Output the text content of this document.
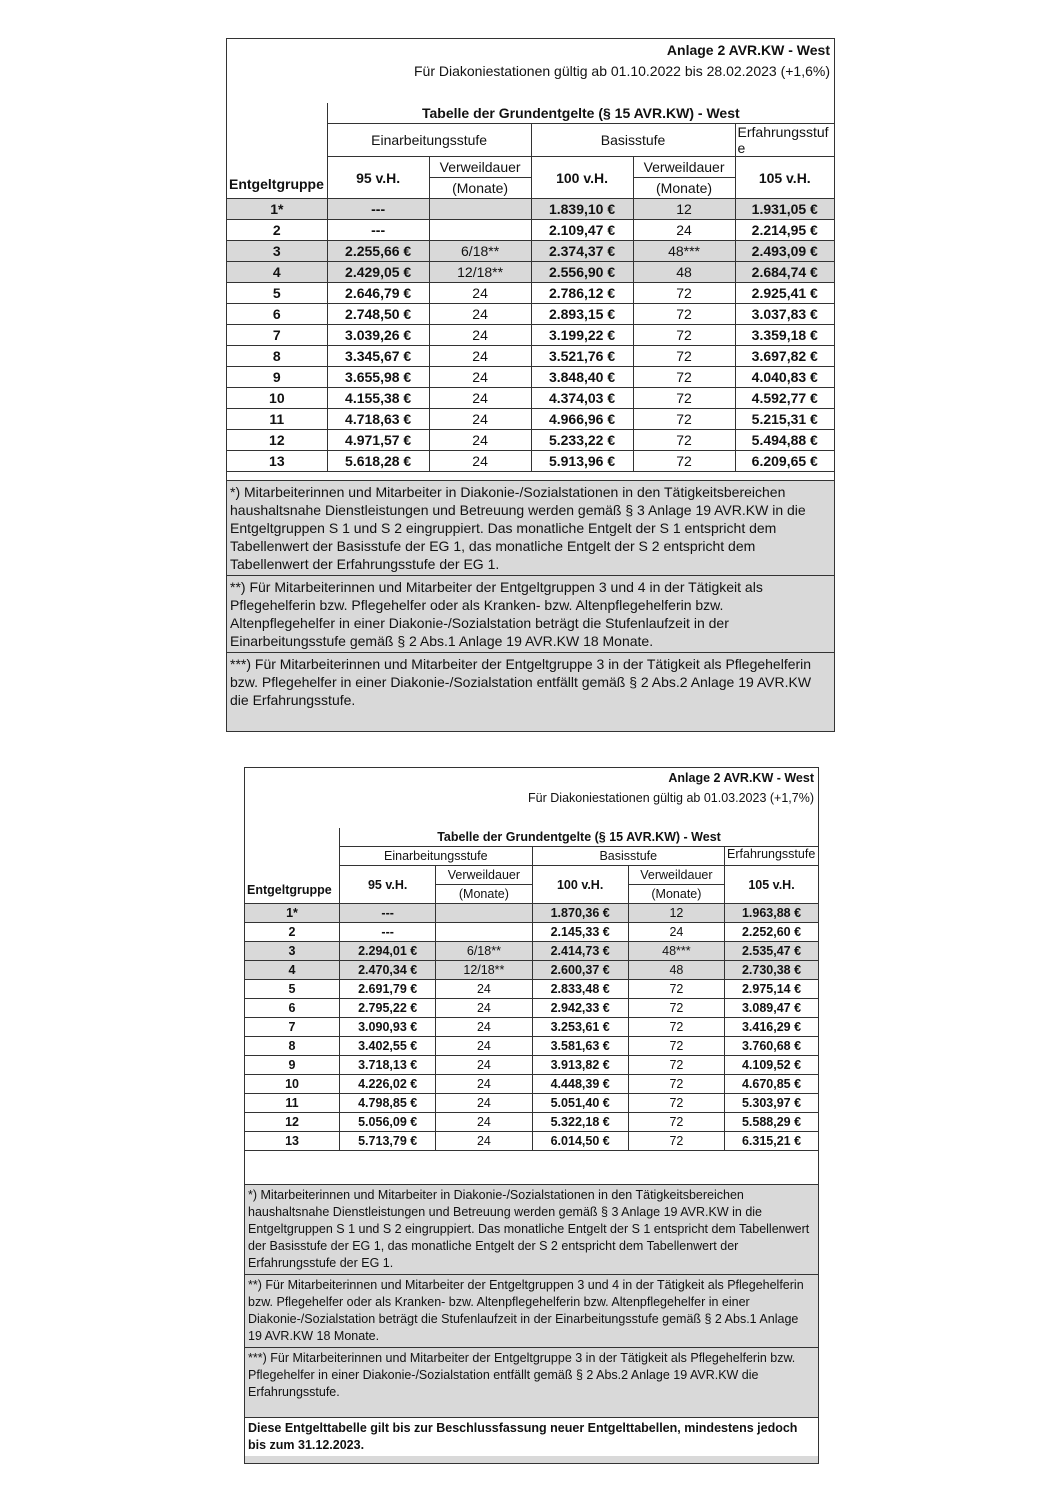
Anlage 2 AVR.KW - West
Für Diakoniestationen gültig ab 01.10.2022 bis 28.02.2023 (+1,6%)
Entgeltgruppe	Tabelle der Grundentgelte (§ 15 AVR.KW) - West				
	Einarbeitungsstufe		Basisstufe		Erfahrungsstufe
	95 v.H.	Verweildauer	100 v.H.	Verweildauer	105 v.H.
		(Monate)		(Monate)	
1*	---		1.839,10 €	12	1.931,05 €
2	---		2.109,47 €	24	2.214,95 €
3	2.255,66 €	6/18**	2.374,37 €	48***	2.493,09 €
4	2.429,05 €	12/18**	2.556,90 €	48	2.684,74 €
5	2.646,79 €	24	2.786,12 €	72	2.925,41 €
6	2.748,50 €	24	2.893,15 €	72	3.037,83 €
7	3.039,26 €	24	3.199,22 €	72	3.359,18 €
8	3.345,67 €	24	3.521,76 €	72	3.697,82 €
9	3.655,98 €	24	3.848,40 €	72	4.040,83 €
10	4.155,38 €	24	4.374,03 €	72	4.592,77 €
11	4.718,63 €	24	4.966,96 €	72	5.215,31 €
12	4.971,57 €	24	5.233,22 €	72	5.494,88 €
13	5.618,28 €	24	5.913,96 €	72	6.209,65 €
*) Mitarbeiterinnen und Mitarbeiter in Diakonie-/Sozialstationen in den Tätigkeitsbereichen haushaltsnahe Dienstleistungen und Betreuung werden gemäß § 3 Anlage 19 AVR.KW in die Entgeltgruppen S 1 und S 2 eingruppiert. Das monatliche Entgelt der S 1 entspricht dem Tabellenwert der Basisstufe der EG 1, das monatliche Entgelt der S 2 entspricht dem Tabellenwert der Erfahrungsstufe der EG 1.
**) Für Mitarbeiterinnen und Mitarbeiter der Entgeltgruppen 3 und 4 in der Tätigkeit als Pflegehelferin bzw. Pflegehelfer oder als Kranken- bzw. Altenpflegehelferin bzw. Altenpflegehelfer in einer Diakonie-/Sozialstation beträgt die Stufenlaufzeit in der Einarbeitungsstufe gemäß § 2 Abs.1 Anlage 19 AVR.KW 18 Monate.
***) Für Mitarbeiterinnen und Mitarbeiter der Entgeltgruppe 3 in der Tätigkeit als Pflegehelferin bzw. Pflegehelfer in einer Diakonie-/Sozialstation entfällt gemäß § 2 Abs.2 Anlage 19 AVR.KW die Erfahrungsstufe.
Anlage 2 AVR.KW - West
Für Diakoniestationen gültig ab 01.03.2023 (+1,7%)
Entgeltgruppe	Tabelle der Grundentgelte (§ 15 AVR.KW) - West				
	Einarbeitungsstufe		Basisstufe		Erfahrungsstufe
	95 v.H.	Verweildauer	100 v.H.	Verweildauer	105 v.H.
		(Monate)		(Monate)	
1*	---		1.870,36 €	12	1.963,88 €
2	---		2.145,33 €	24	2.252,60 €
3	2.294,01 €	6/18**	2.414,73 €	48***	2.535,47 €
4	2.470,34 €	12/18**	2.600,37 €	48	2.730,38 €
5	2.691,79 €	24	2.833,48 €	72	2.975,14 €
6	2.795,22 €	24	2.942,33 €	72	3.089,47 €
7	3.090,93 €	24	3.253,61 €	72	3.416,29 €
8	3.402,55 €	24	3.581,63 €	72	3.760,68 €
9	3.718,13 €	24	3.913,82 €	72	4.109,52 €
10	4.226,02 €	24	4.448,39 €	72	4.670,85 €
11	4.798,85 €	24	5.051,40 €	72	5.303,97 €
12	5.056,09 €	24	5.322,18 €	72	5.588,29 €
13	5.713,79 €	24	6.014,50 €	72	6.315,21 €
*) Mitarbeiterinnen und Mitarbeiter in Diakonie-/Sozialstationen in den Tätigkeitsbereichen haushaltsnahe Dienstleistungen und Betreuung werden gemäß § 3 Anlage 19 AVR.KW in die Entgeltgruppen S 1 und S 2 eingruppiert. Das monatliche Entgelt der S 1 entspricht dem Tabellenwert der Basisstufe der EG 1, das monatliche Entgelt der S 2 entspricht dem Tabellenwert der Erfahrungsstufe der EG 1.
**) Für Mitarbeiterinnen und Mitarbeiter der Entgeltgruppen 3 und 4 in der Tätigkeit als Pflegehelferin bzw. Pflegehelfer oder als Kranken- bzw. Altenpflegehelferin bzw. Altenpflegehelfer in einer Diakonie-/Sozialstation beträgt die Stufenlaufzeit in der Einarbeitungsstufe gemäß § 2 Abs.1 Anlage 19 AVR.KW 18 Monate.
***) Für Mitarbeiterinnen und Mitarbeiter der Entgeltgruppe 3 in der Tätigkeit als Pflegehelferin bzw. Pflegehelfer in einer Diakonie-/Sozialstation entfällt gemäß § 2 Abs.2 Anlage 19 AVR.KW die Erfahrungsstufe.
Diese Entgelttabelle gilt bis zur Beschlussfassung neuer Entgelttabellen, mindestens jedoch bis zum 31.12.2023.
